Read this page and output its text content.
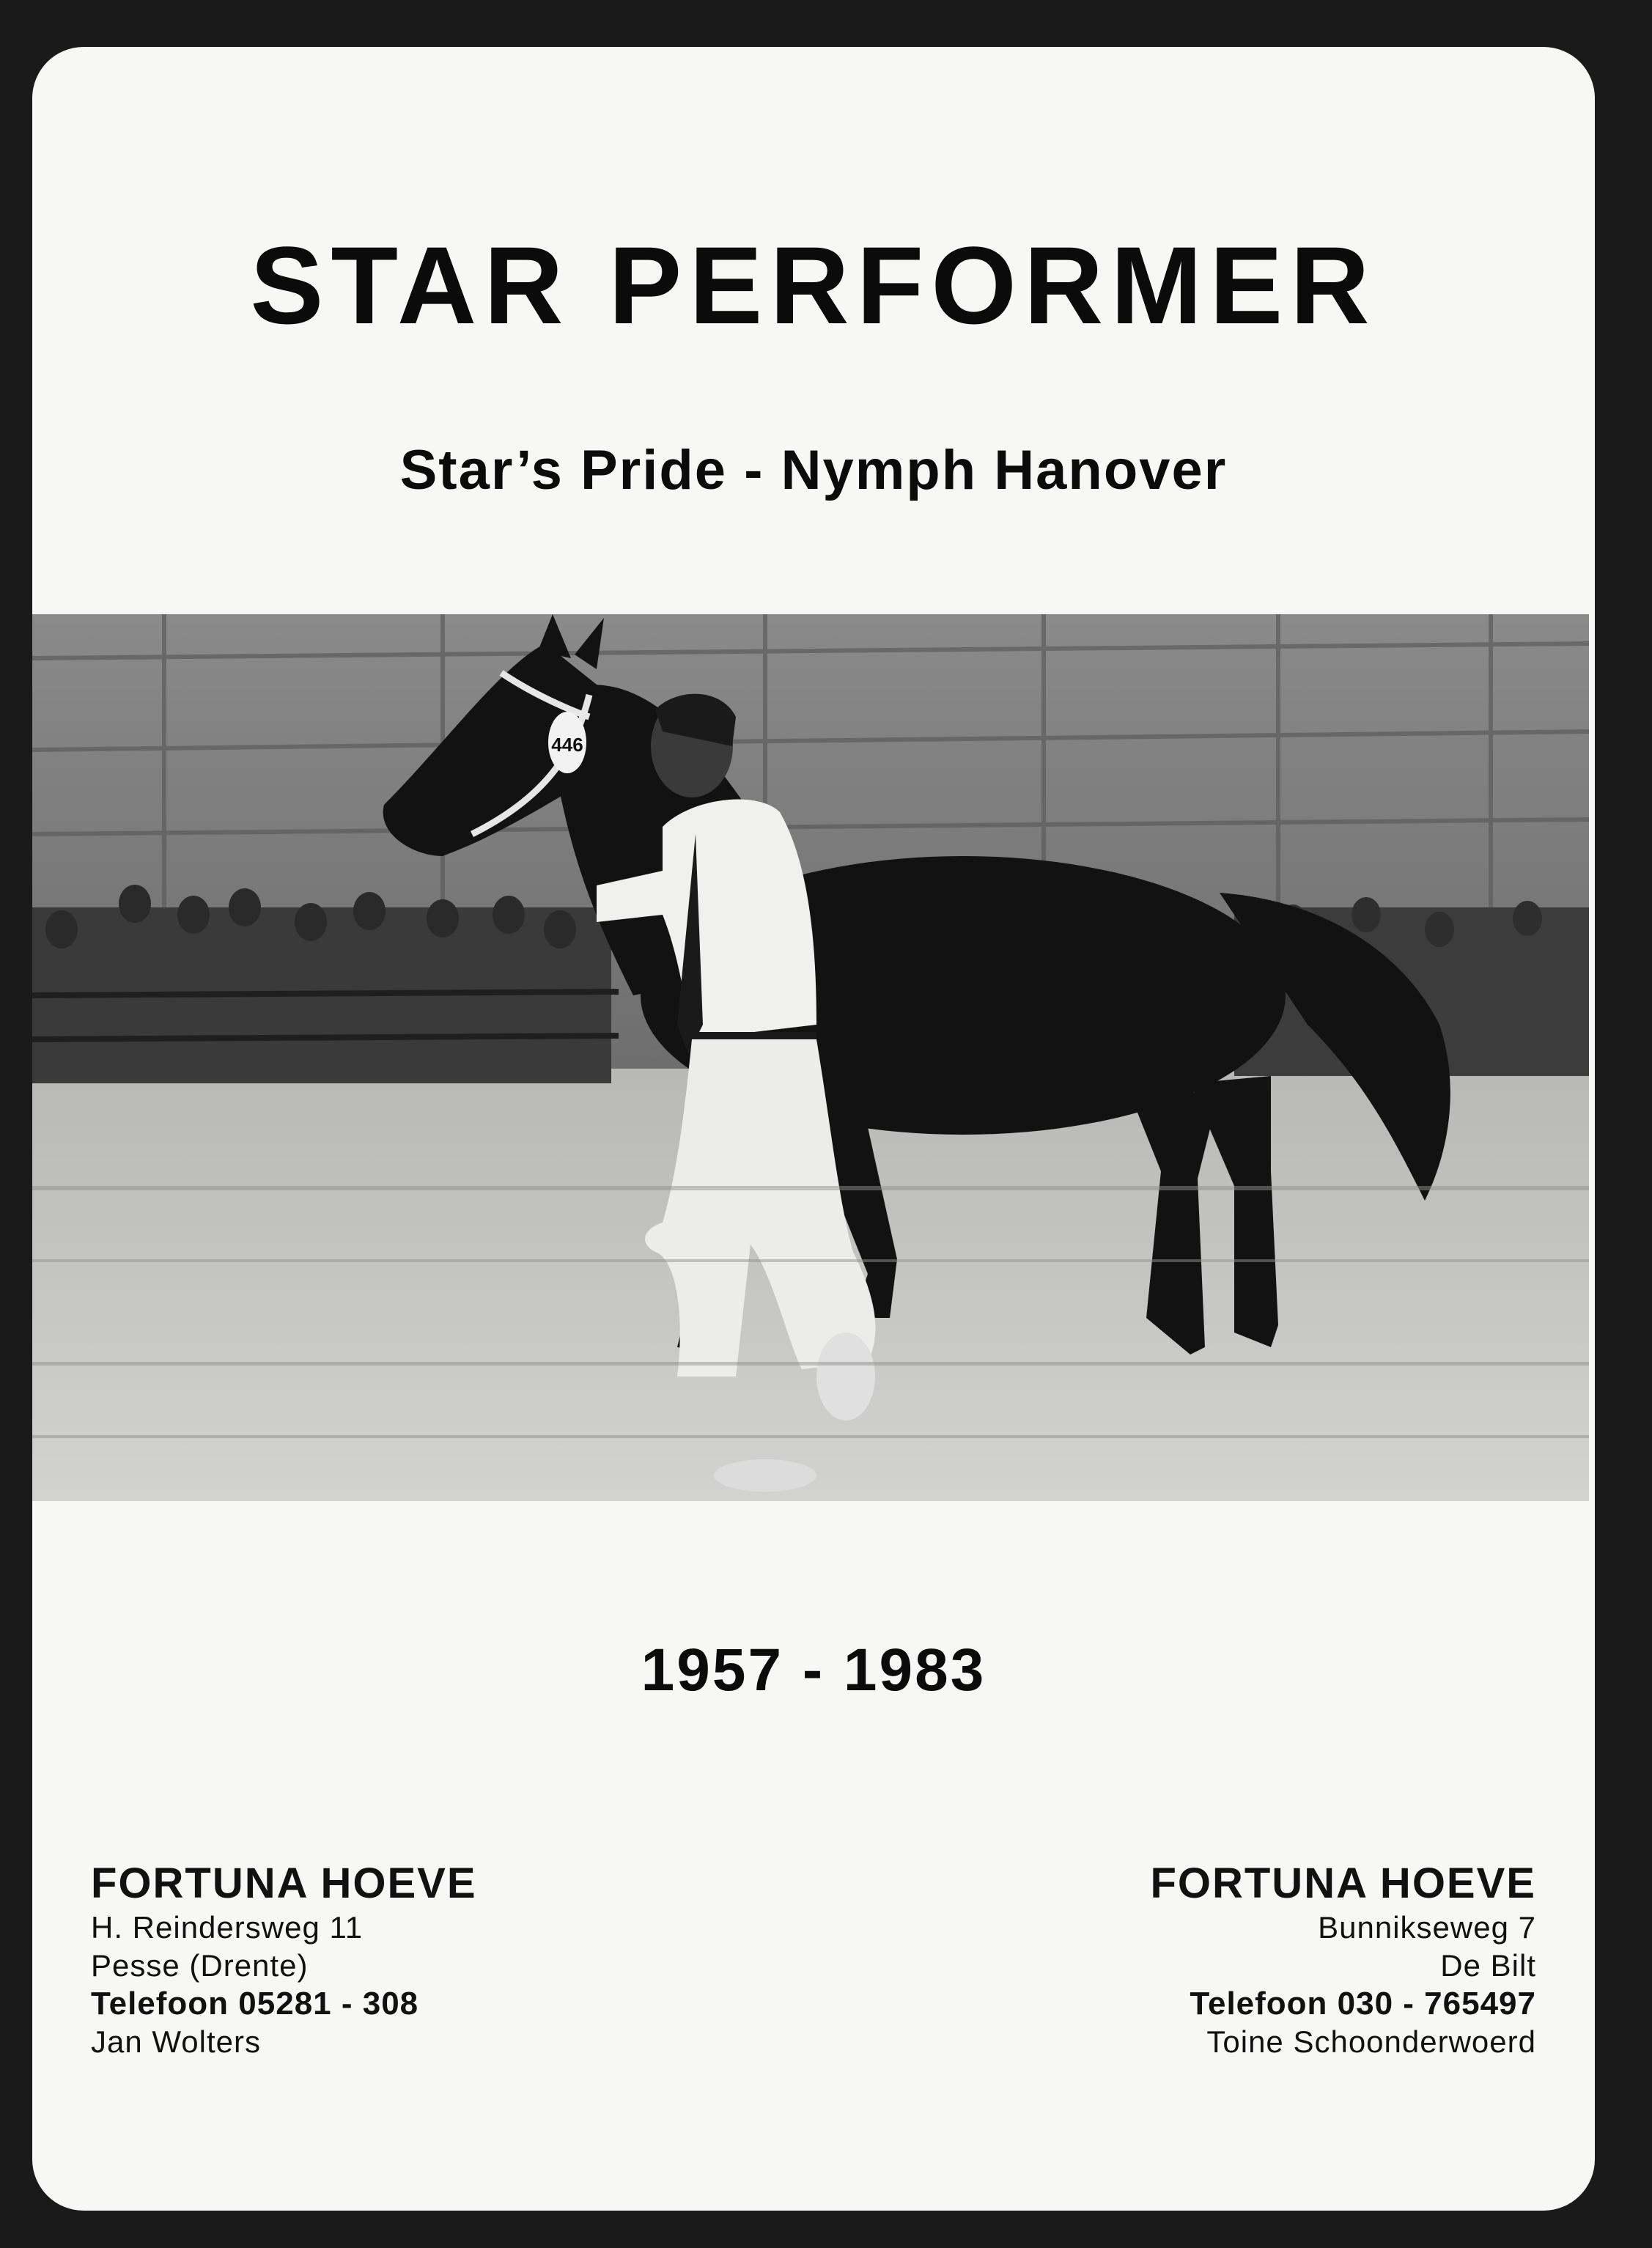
STAR PERFORMER
Star’s Pride - Nymph Hanover
446
1957 - 1983
FORTUNA HOEVE
H. Reindersweg 11
Pesse (Drente)
Telefoon 05281 - 308
Jan Wolters
FORTUNA HOEVE
Bunnikseweg 7
De Bilt
Telefoon 030 - 765497
Toine Schoonderwoerd
